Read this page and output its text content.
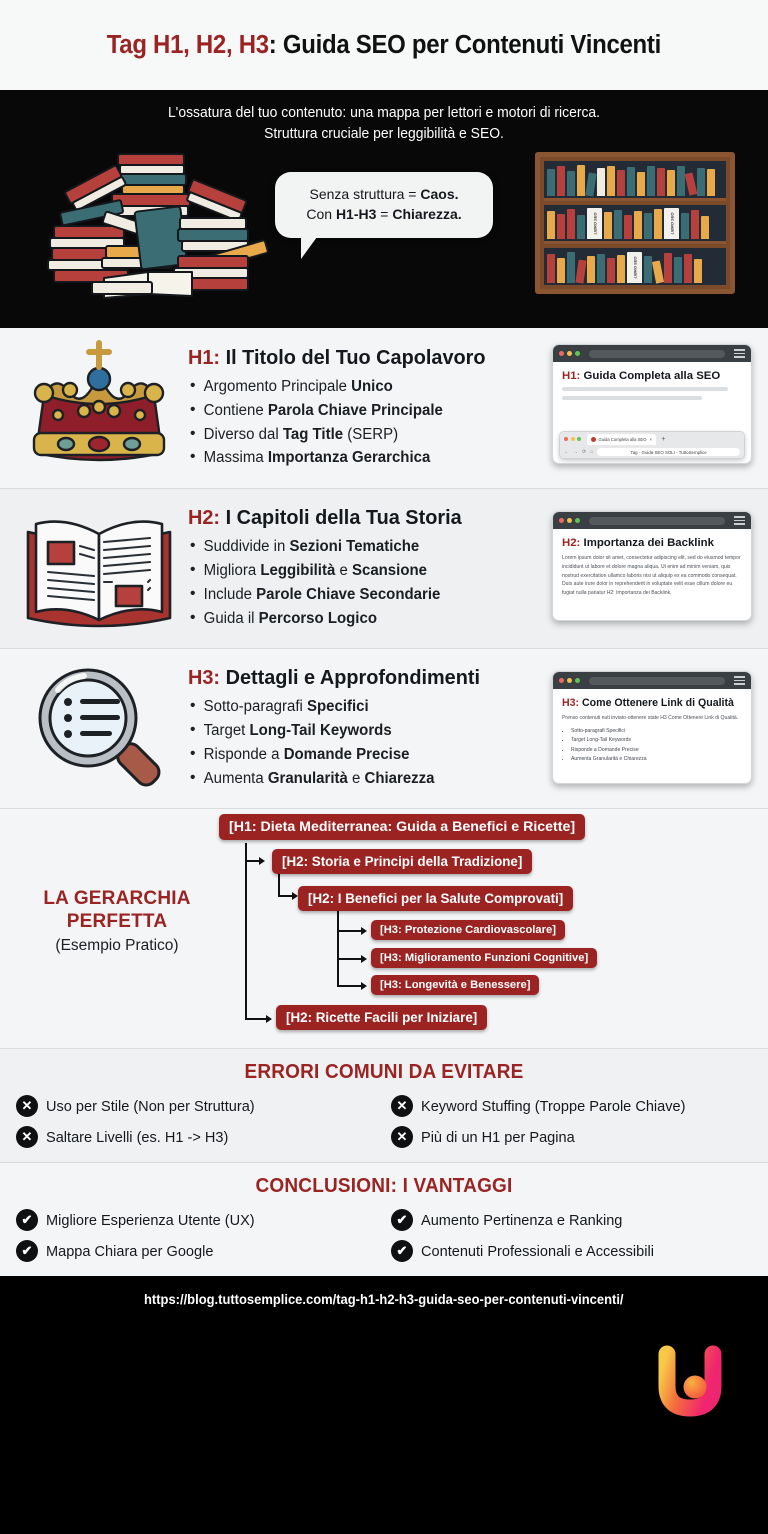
Tag H1, H2, H3: Guida SEO per Contenuti Vincenti
L'ossatura del tuo contenuto: una mappa per lettori e motori di ricerca.
Struttura cruciale per leggibilità e SEO.

Senza struttura = Caos.

Con H1-H3 = Chiarezza.	LIBRO SEO	LIBRO SEO
LIBRO SEO
H1: Il Titolo del Tuo Capolavoro
• Argomento Principale Unico
• Contiene Parola Chiave Principale
• Diverso dal Tag Title (SERP)
• Massima Importanza Gerarchica
H1: Guida Completa alla SEO
Guida Completa alla SEO × +
← → ⟳ ⌂	Tag - Guida SEO SOLI - TuttoSemplice
H2: I Capitoli della Tua Storia
• Suddivide in Sezioni Tematiche
• Migliora Leggibilità e Scansione
• Include Parole Chiave Secondarie
• Guida il Percorso Logico
H2: Importanza dei Backlink
Lorem ipsum dolor sit amet, consectetur adipiscing elit, sed do eiusmod tempor incididunt ut labore et dolore magna aliqua. Ut enim ad minim veniam, quis nostrud exercitation ullamco laboris nisi ut aliquip ex ea commodo consequat. Duis aute irure dolor in reprehenderit in voluptate velit esse cillum dolore eu fugiat nulla pariatur H2: Importanza dei Backlink.
H3: Dettagli e Approfondimenti
• Sotto-paragrafi Specifici
• Target Long-Tail Keywords
• Risponde a Domande Precise
• Aumenta Granularità e Chiarezza
H3: Come Ottenere Link di Qualità
Prenso contenuti nuti inviato-ottenere state H3 Come Ottenere Link di Qualità.
• Sotto-paragrafi Specifici
• Target Long-Tail Keywords
• Risponde a Domande Precise
• Aumenta Granularità e Chiarezza
LA GERARCHIA
PERFETTA
(Esempio Pratico)
[H1: Dieta Mediterranea: Guida a Benefici e Ricette]
[H2: Storia e Principi della Tradizione]
[H2: I Benefici per la Salute Comprovati]
[H3: Protezione Cardiovascolare]
[H3: Miglioramento Funzioni Cognitive]
[H3: Longevità e Benessere]
[H2: Ricette Facili per Iniziare]
ERRORI COMUNI DA EVITARE
✕ Uso per Stile (Non per Struttura)	✕ Keyword Stuffing (Troppe Parole Chiave)
✕ Saltare Livelli (es. H1 -> H3)	✕ Più di un H1 per Pagina
CONCLUSIONI: I VANTAGGI
✔ Migliore Esperienza Utente (UX)	✔ Aumento Pertinenza e Ranking
✔ Mappa Chiara per Google	✔ Contenuti Professionali e Accessibili
https://blog.tuttosemplice.com/tag-h1-h2-h3-guida-seo-per-contenuti-vincenti/
